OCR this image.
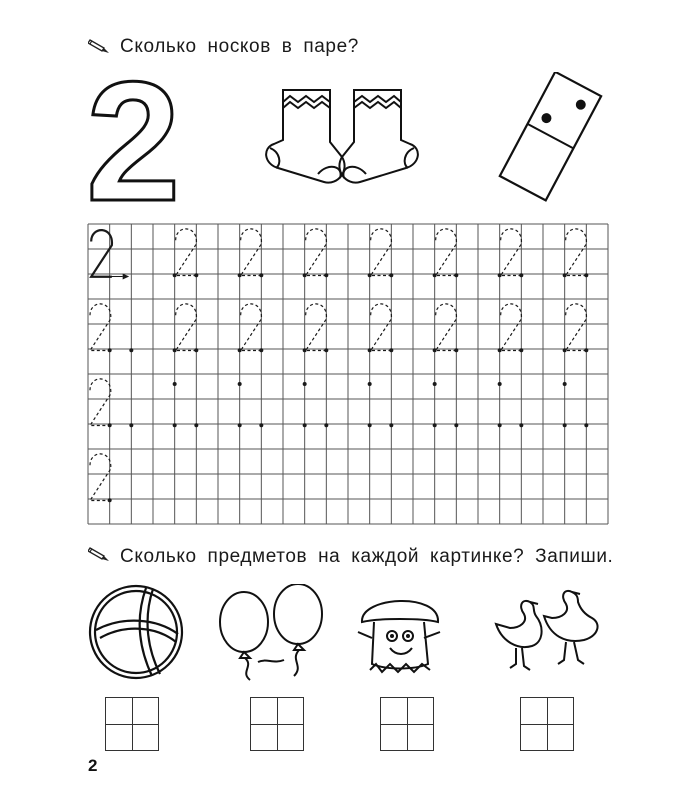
Сколько носков в паре?
2
Сколько предметов на каждой картинке? Запиши.
2
